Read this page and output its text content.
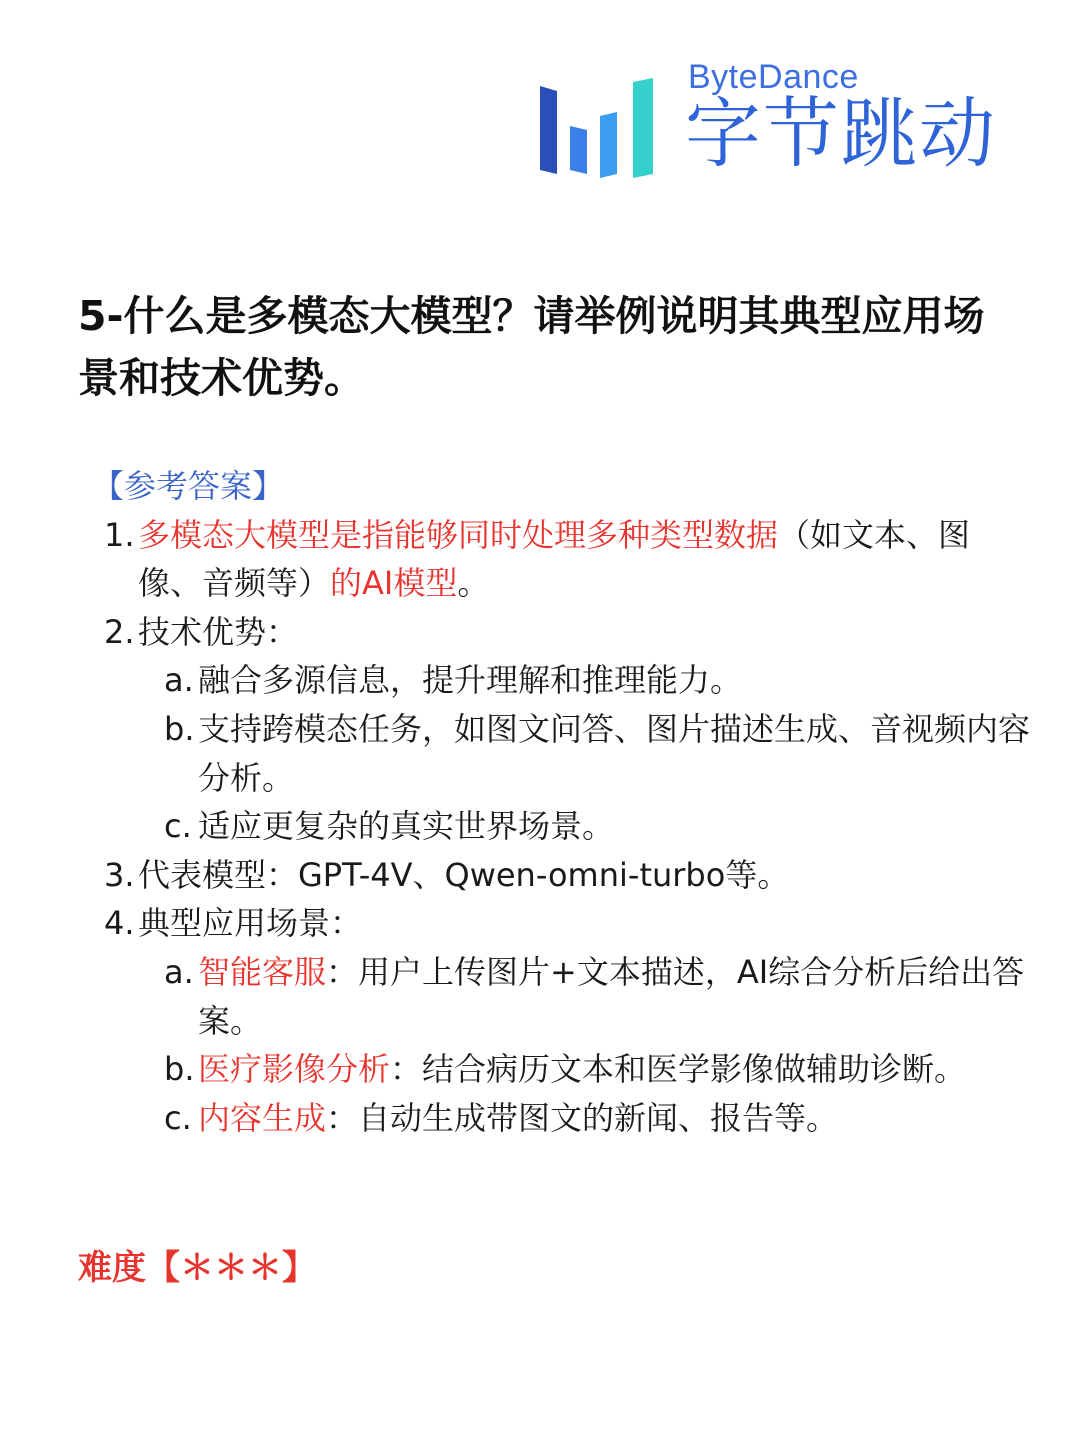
ByteDance
字节跳动
5-什么是多模态大模型？请举例说明其典型应用场景和技术优势。
【参考答案】
1. 多模态大模型是指能够同时处理多种类型数据（如文本、图像、音频等）的AI模型。
2. 技术优势：
a. 融合多源信息，提升理解和推理能力。
b. 支持跨模态任务，如图文问答、图片描述生成、音视频内容分析。
c. 适应更复杂的真实世界场景。
3. 代表模型：GPT-4V、Qwen-omni-turbo等。
4. 典型应用场景：
a. 智能客服：用户上传图片+文本描述，AI综合分析后给出答案。
b. 医疗影像分析：结合病历文本和医学影像做辅助诊断。
c. 内容生成：自动生成带图文的新闻、报告等。
难度【＊＊＊】
